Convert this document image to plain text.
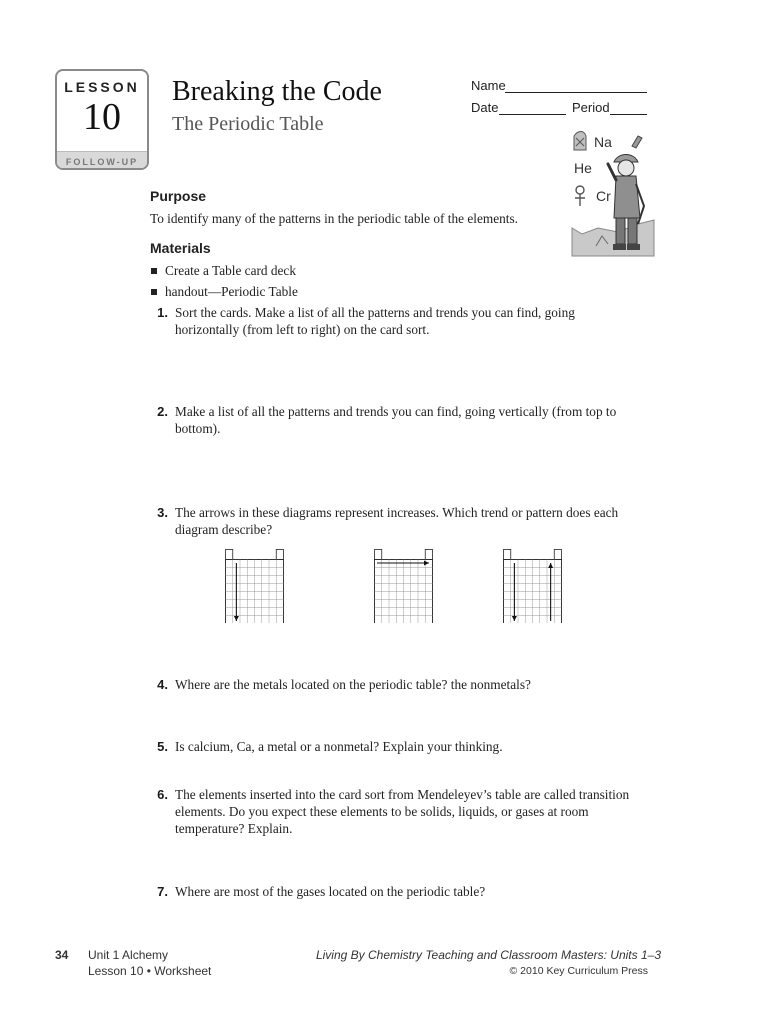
LESSON
10
FOLLOW-UP
Breaking the Code
The Periodic Table
Name
Date	Period
Na
He
Cr
Purpose
To identify many of the patterns in the periodic table of the elements.
Materials
Create a Table card deck
handout—Periodic Table
1. Sort the cards. Make a list of all the patterns and trends you can find, going horizontally (from left to right) on the card sort.
2. Make a list of all the patterns and trends you can find, going vertically (from top to bottom).
3. The arrows in these diagrams represent increases. Which trend or pattern does each diagram describe?
4. Where are the metals located on the periodic table? the nonmetals?
5. Is calcium, Ca, a metal or a nonmetal? Explain your thinking.
6. The elements inserted into the card sort from Mendeleyev’s table are called transition elements. Do you expect these elements to be solids, liquids, or gases at room temperature? Explain.
7. Where are most of the gases located on the periodic table?
34 Unit 1 Alchemy
Lesson 10 • Worksheet
Living By Chemistry Teaching and Classroom Masters: Units 1–3
© 2010 Key Curriculum Press
